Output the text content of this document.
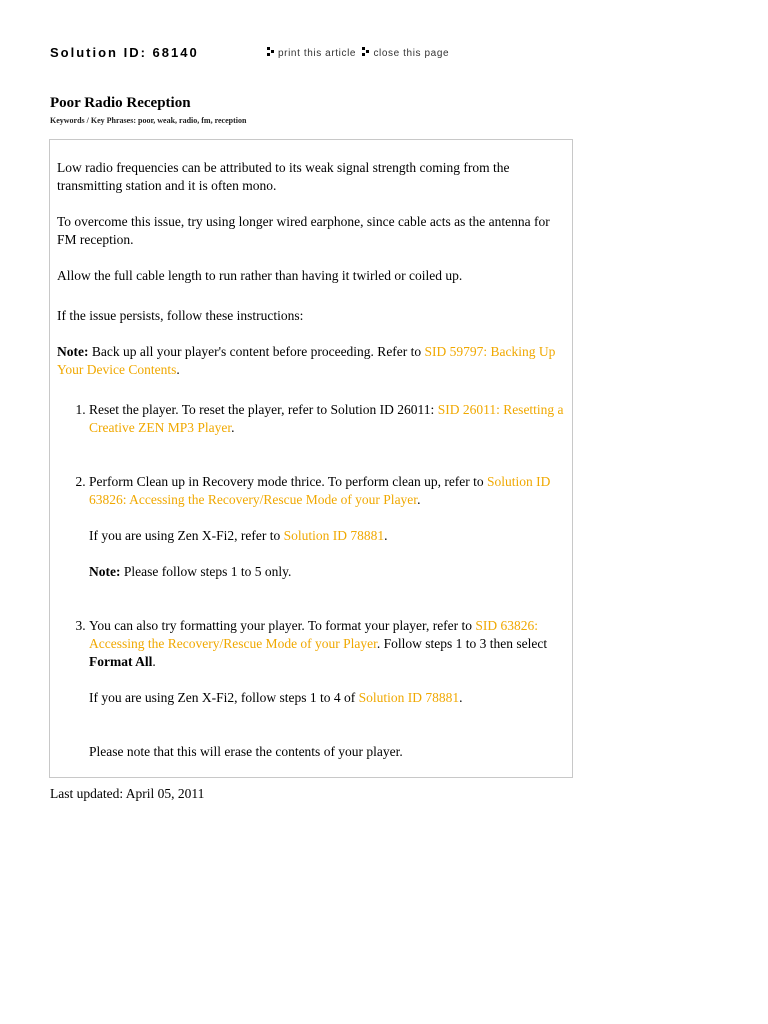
Solution ID: 68140	print this article close this page
Poor Radio Reception
Keywords / Key Phrases: poor, weak, radio, fm, reception

Low radio frequencies can be attributed to its weak signal strength coming from the transmitting station and it is often mono.

To overcome this issue, try using longer wired earphone, since cable acts as the antenna for FM reception.

Allow the full cable length to run rather than having it twirled or coiled up.

If the issue persists, follow these instructions:

Note: Back up all your player's content before proceeding. Refer to SID 59797: Backing Up Your Device Contents.

1. Reset the player. To reset the player, refer to Solution ID 26011: SID 26011: Resetting a Creative ZEN MP3 Player.

2. Perform Clean up in Recovery mode thrice. To perform clean up, refer to Solution ID 63826: Accessing the Recovery/Rescue Mode of your Player.

If you are using Zen X-Fi2, refer to Solution ID 78881.

Note: Please follow steps 1 to 5 only.

3. You can also try formatting your player. To format your player, refer to SID 63826: Accessing the Recovery/Rescue Mode of your Player. Follow steps 1 to 3 then select Format All.

If you are using Zen X-Fi2, follow steps 1 to 4 of Solution ID 78881.

Please note that this will erase the contents of your player.

Last updated: April 05, 2011
